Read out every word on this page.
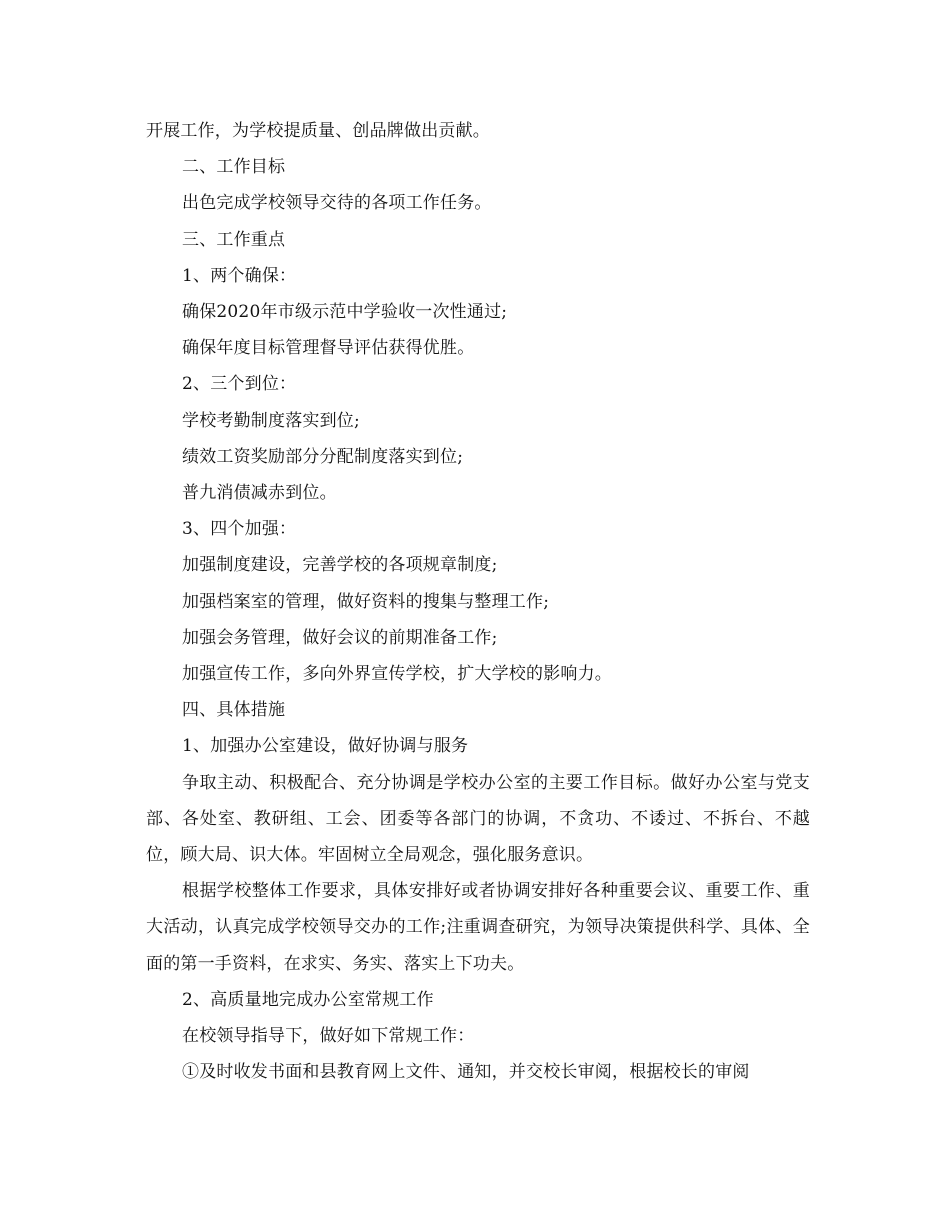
开展工作，为学校提质量、创品牌做出贡献。

二、工作目标

出色完成学校领导交待的各项工作任务。

三、工作重点

1、两个确保：

确保2020年市级示范中学验收一次性通过;

确保年度目标管理督导评估获得优胜。

2、三个到位：

学校考勤制度落实到位;

绩效工资奖励部分分配制度落实到位;

普九消债减赤到位。

3、四个加强：

加强制度建设，完善学校的各项规章制度;

加强档案室的管理，做好资料的搜集与整理工作;

加强会务管理，做好会议的前期准备工作;

加强宣传工作，多向外界宣传学校，扩大学校的影响力。

四、具体措施

1、加强办公室建设，做好协调与服务

争取主动、积极配合、充分协调是学校办公室的主要工作目标。做好办公室与党支部、各处室、教研组、工会、团委等各部门的协调，不贪功、不诿过、不拆台、不越位，顾大局、识大体。牢固树立全局观念，强化服务意识。

根据学校整体工作要求，具体安排好或者协调安排好各种重要会议、重要工作、重大活动，认真完成学校领导交办的工作;注重调查研究，为领导决策提供科学、具体、全面的第一手资料，在求实、务实、落实上下功夫。

2、高质量地完成办公室常规工作

在校领导指导下，做好如下常规工作：

①及时收发书面和县教育网上文件、通知，并交校长审阅，根据校长的审阅
